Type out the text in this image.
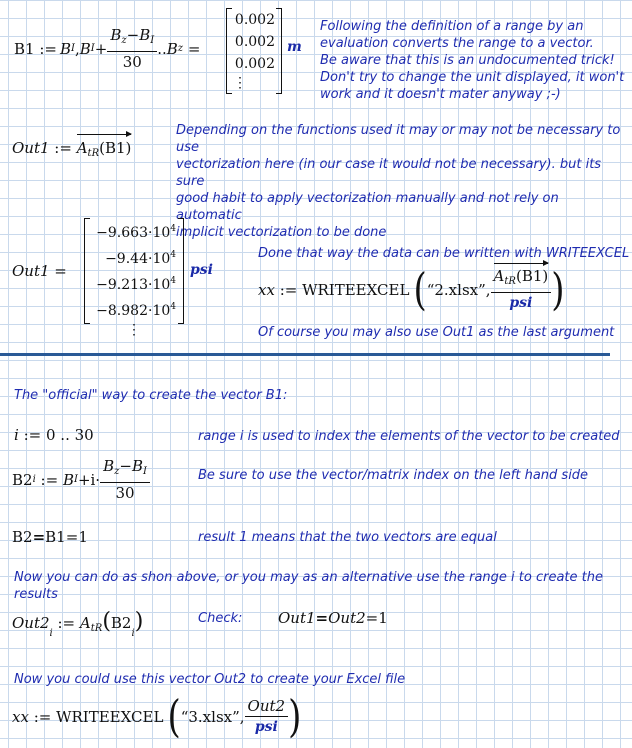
B1
:= B I , B $I + \frac{B_z-B_I}{30}$ .. B z =
0.002
0.002
0.002
⋮
m
Following the definition of a range by an
evaluation converts the range to a vector.
Be aware that this is an undocumented trick!
Don't try to change the unit displayed, it won't
work and it doesn't mater anyway ;-)
Out1 :=
$A_{tR}(B1)$
Depending on the functions used it may or may not be necessary to use
vectorization here (in our case it would not be necessary). but its sure
good habit to apply vectorization manually and not rely on automatic
implicit vectorization to be done
Out1 =
$-9.663\cdot 10^4$
$-9.44\cdot 10^4$
$-9.213\cdot 10^4$
$-8.982\cdot 10^4$
⋮
psi
Done that way the data can be written with WRITEEXCEL
xx := WRITEEXCEL ( “2.xlsx”, $\frac{A_{tR}(B1)}{\text{psi}}$ )
Of course you may also use Out1 as the last argument
The "official" way to create the vector B1:
i := 0 .. 30	range i is used to index the elements of the vector to be created
B2 i := B $I +i\cdot \frac{B_z-B_I}{30}$	Be sure to use the vector/matrix index on the left hand side
B2=B1=1	result 1 means that the two vectors are equal
Now you can do as shon above, or you may as an alternative use the range i to create the results
$Out2_i$ := $A_{tR}(B2_i)$	Check: Out1=Out2=1
Now you could use this vector Out2 to create your Excel file
xx := WRITEEXCEL ( “3.xlsx”, $\frac{\text{Out2}}{\text{psi}}$ )
